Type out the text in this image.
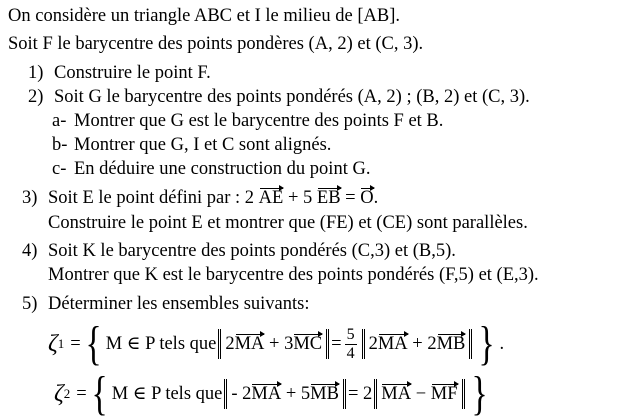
On considère un triangle ABC et I le milieu de [AB].
Soit F le barycentre des points pondères (A, 2) et (C, 3).
1) Construire le point F.
2) Soit G le barycentre des points pondérés (A, 2) ; (B, 2) et (C, 3).
a- Montrer que G est le barycentre des points F et B.
b- Montrer que G, I et C sont alignés.
c- En déduire une construction du point G.
3) Soit E le point défini par : 2 AE + 5 EB = O.
Construire le point E et montrer que (FE) et (CE) sont parallèles.
4) Soit K le barycentre des points pondérés (C,3) et (B,5).
Montrer que K est le barycentre des points pondérés (F,5) et (E,3).
5) Déterminer les ensembles suivants:
ζ 1 = { M ∈ P tels que $2MA + 3MC = \frac{5}{4} 2MA + 2MB$ } .
ζ 2 = { M ∈ P tels que - 2MA + 5MB = 2 MA − MF }
